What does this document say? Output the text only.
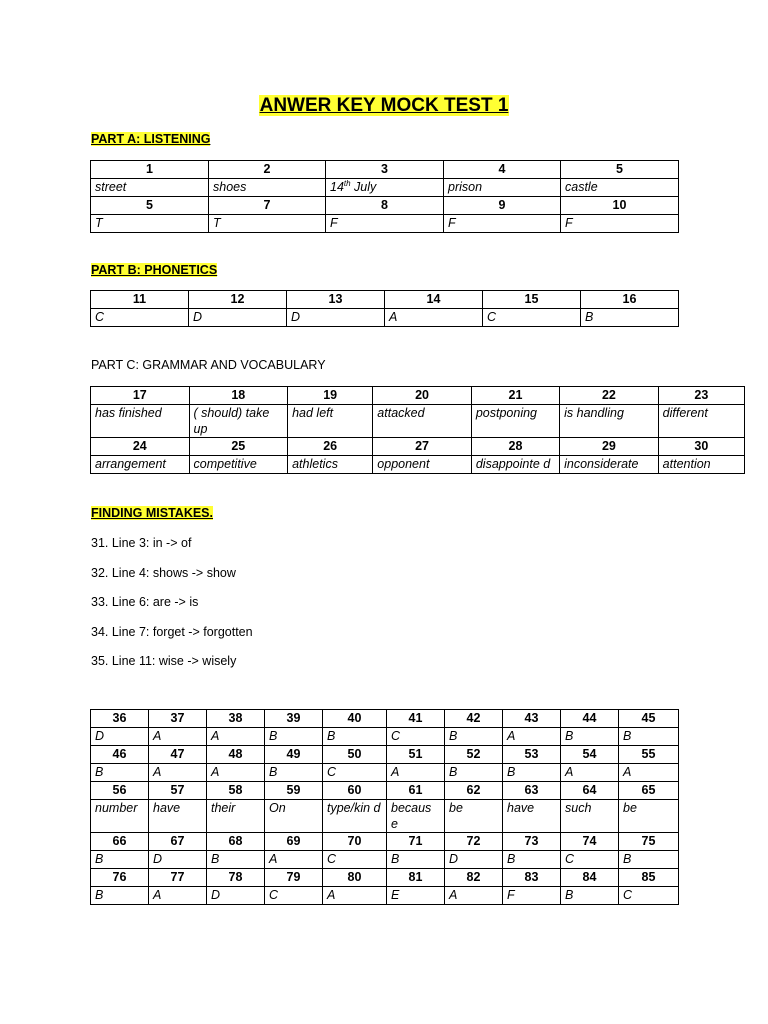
ANWER KEY MOCK TEST 1
PART A: LISTENING
1	2	3	4	5
street	shoes	14th July	prison	castle
5	7	8	9	10
T	T	F	F	F
PART B: PHONETICS
11	12	13	14	15	16
C	D	D	A	C	B
PART C: GRAMMAR AND VOCABULARY
17	18	19	20	21	22	23
has finished	( should) take up	had left	attacked	postponing	is handling	different
24	25	26	27	28	29	30
arrangement	competitive	athletics	opponent	disappointe d	inconsiderate	attention
FINDING MISTAKES.
31. Line 3: in -> of
32. Line 4: shows -> show
33. Line 6: are -> is
34. Line 7: forget -> forgotten
35. Line 11: wise -> wisely
36	37	38	39	40	41	42	43	44	45
D	A	A	B	B	C	B	A	B	B
46	47	48	49	50	51	52	53	54	55
B	A	A	B	C	A	B	B	A	A
56	57	58	59	60	61	62	63	64	65
number	have	their	On	type/kin d	becaus e	be	have	such	be
66	67	68	69	70	71	72	73	74	75
B	D	B	A	C	B	D	B	C	B
76	77	78	79	80	81	82	83	84	85
B	A	D	C	A	E	A	F	B	C
